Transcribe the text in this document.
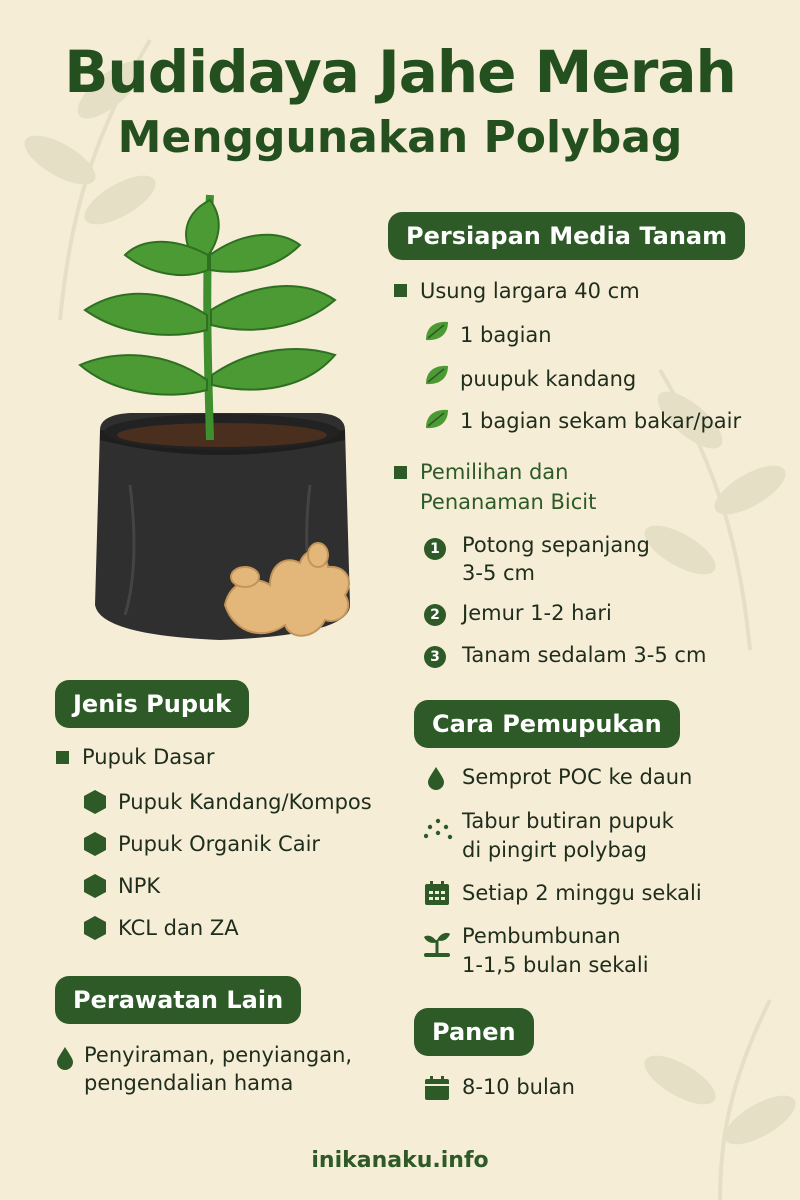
Budidaya Jahe Merah
Menggunakan Polybag
Persiapan Media Tanam
Usung largara 40 cm
1 bagian
puupuk kandang
1 bagian sekam bakar/pair
Pemilihan dan
Penanaman Bicit
1 Potong sepanjang
3-5 cm
2 Jemur 1-2 hari
3 Tanam sedalam 3-5 cm
Jenis Pupuk
Pupuk Dasar
Pupuk Kandang/Kompos
Pupuk Organik Cair
NPK
KCL dan ZA
Perawatan Lain
Penyiraman, penyiangan,
pengendalian hama
Cara Pemupukan
Semprot POC ke daun
Tabur butiran pupuk
di pingirt polybag
Setiap 2 minggu sekali
Pembumbunan
1-1,5 bulan sekali
Panen
8-10 bulan
inikanaku.info
